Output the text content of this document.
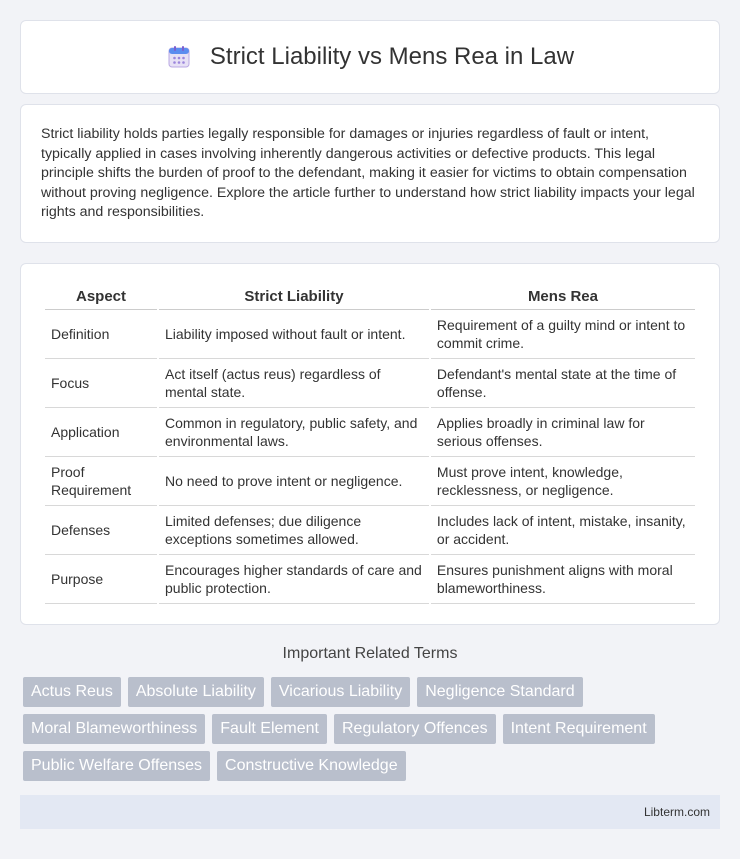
Strict Liability vs Mens Rea in Law

Strict liability holds parties legally responsible for damages or injuries regardless of fault or intent, typically applied in cases involving inherently dangerous activities or defective products. This legal principle shifts the burden of proof to the defendant, making it easier for victims to obtain compensation without proving negligence. Explore the article further to understand how strict liability impacts your legal rights and responsibilities.

Aspect	Strict Liability	Mens Rea
Definition	Liability imposed without fault or intent.	Requirement of a guilty mind or intent to commit crime.
Focus	Act itself (actus reus) regardless of mental state.	Defendant's mental state at the time of offense.
Application	Common in regulatory, public safety, and environmental laws.	Applies broadly in criminal law for serious offenses.
Proof Requirement	No need to prove intent or negligence.	Must prove intent, knowledge, recklessness, or negligence.
Defenses	Limited defenses; due diligence exceptions sometimes allowed.	Includes lack of intent, mistake, insanity, or accident.
Purpose	Encourages higher standards of care and public protection.	Ensures punishment aligns with moral blameworthiness.
Important Related Terms
Actus Reus	Absolute Liability	Vicarious Liability	Negligence Standard
Moral Blameworthiness	Fault Element	Regulatory Offences	Intent Requirement
Public Welfare Offenses	Constructive Knowledge
Libterm.com
